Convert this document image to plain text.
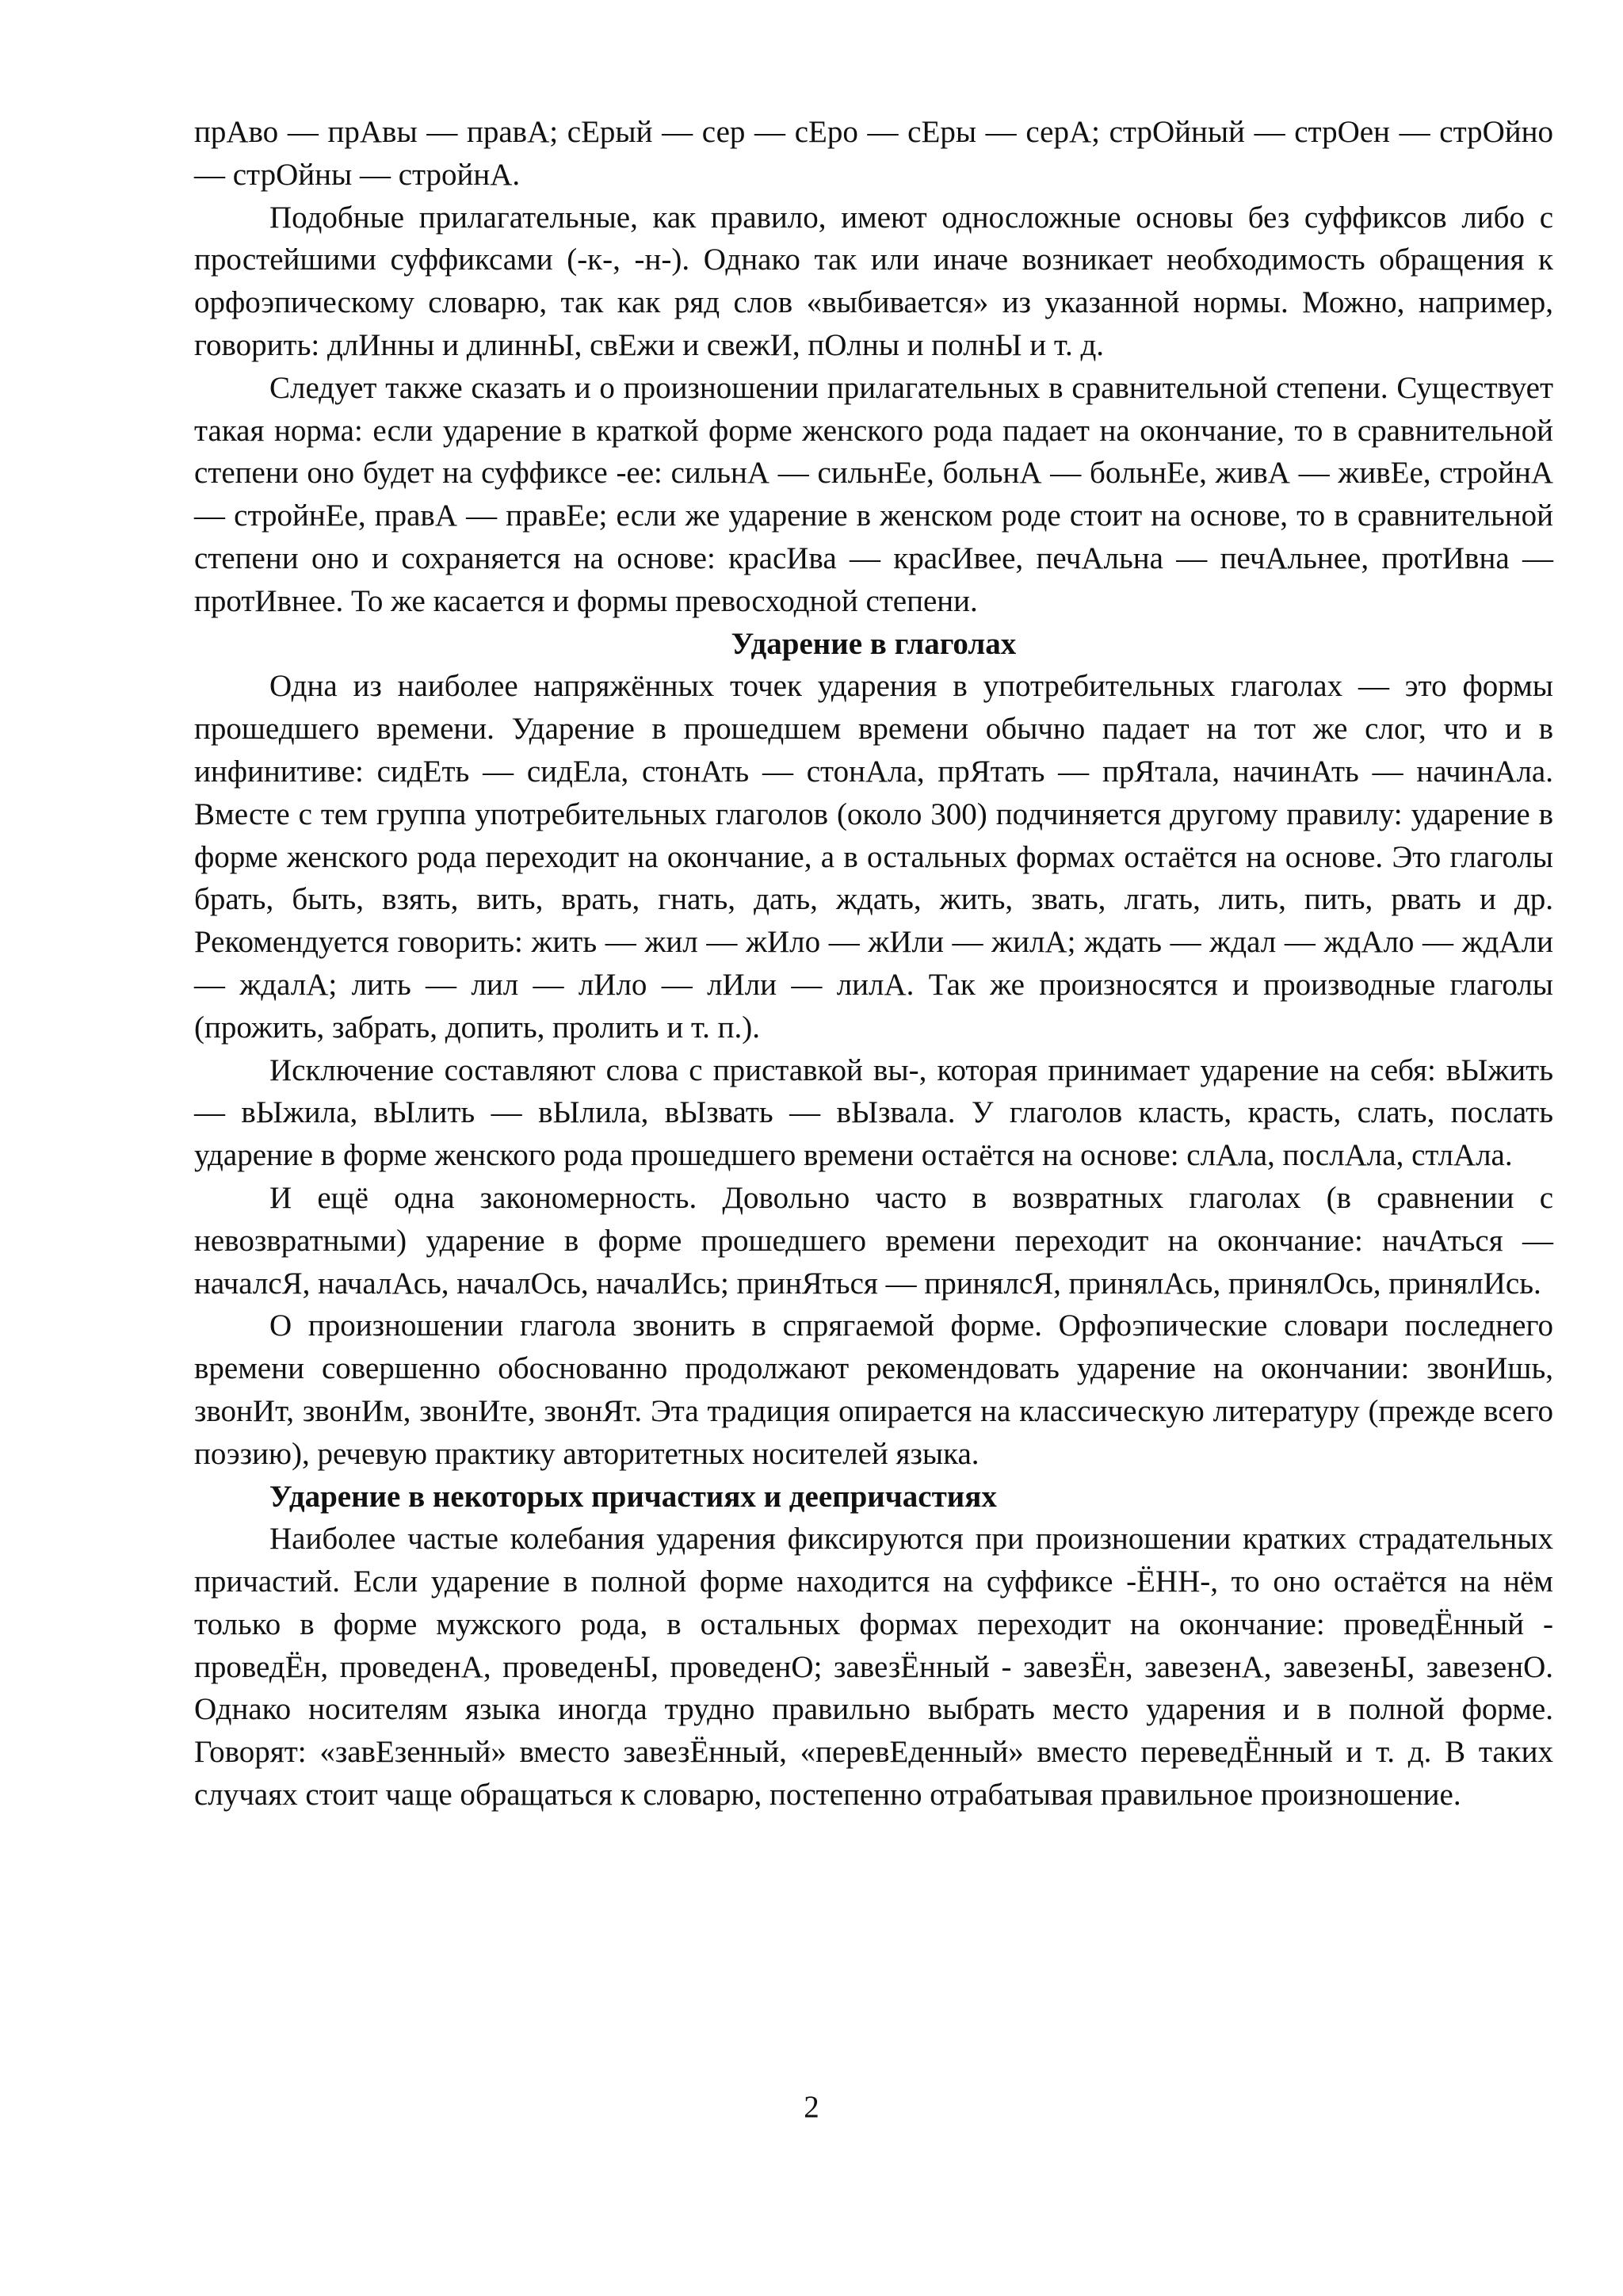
прАво — прАвы — правА; сЕрый — сер — сЕро — сЕры — серА; стрОйный — стрОен — стрОйно — стрОйны — стройнА.

Подобные прилагательные, как правило, имеют односложные основы без суффиксов либо с простейшими суффиксами (-к-, -н-). Однако так или иначе возникает необходимость обращения к орфоэпическому словарю, так как ряд слов «выбивается» из указанной нормы. Можно, например, говорить: длИнны и длиннЫ, свЕжи и свежИ, пОлны и полнЫ и т. д.

Следует также сказать и о произношении прилагательных в сравнительной степени. Существует такая норма: если ударение в краткой форме женского рода падает на окончание, то в сравнительной степени оно будет на суффиксе -ее: сильнА — сильнЕе, больнА — больнЕе, живА — живЕе, стройнА — стройнЕе, правА — правЕе; если же ударение в женском роде стоит на основе, то в сравнительной степени оно и сохраняется на основе: красИва — красИвее, печАльна — печАльнее, протИвна — протИвнее. То же касается и формы превосходной степени.

Ударение в глаголах

Одна из наиболее напряжённых точек ударения в употребительных глаголах — это формы прошедшего времени. Ударение в прошедшем времени обычно падает на тот же слог, что и в инфинитиве: сидЕть — сидЕла, стонАть — стонАла, прЯтать — прЯтала, начинАть — начинАла. Вместе с тем группа употребительных глаголов (около 300) подчиняется другому правилу: ударение в форме женского рода переходит на окончание, а в остальных формах остаётся на основе. Это глаголы брать, быть, взять, вить, врать, гнать, дать, ждать, жить, звать, лгать, лить, пить, рвать и др. Рекомендуется говорить: жить — жил — жИло — жИли — жилА; ждать — ждал — ждАло — ждАли — ждалА; лить — лил — лИло — лИли — лилА. Так же произносятся и производные глаголы (прожить, забрать, допить, пролить и т. п.).

Исключение составляют слова с приставкой вы-, которая принимает ударение на себя: вЫжить — вЫжила, вЫлить — вЫлила, вЫзвать — вЫзвала. У глаголов класть, красть, слать, послать ударение в форме женского рода прошедшего времени остаётся на основе: слАла, послАла, стлАла.

И ещё одна закономерность. Довольно часто в возвратных глаголах (в сравнении с невозвратными) ударение в форме прошедшего времени переходит на окончание: начАться — началсЯ, началАсь, началОсь, началИсь; принЯться — принялсЯ, принялАсь, принялОсь, принялИсь.

О произношении глагола звонить в спрягаемой форме. Орфоэпические словари последнего времени совершенно обоснованно продолжают рекомендовать ударение на окончании: звонИшь, звонИт, звонИм, звонИте, звонЯт. Эта традиция опирается на классическую литературу (прежде всего поэзию), речевую практику авторитетных носителей языка.

Ударение в некоторых причастиях и деепричастиях

Наиболее частые колебания ударения фиксируются при произношении кратких страдательных причастий. Если ударение в полной форме находится на суффиксе -ЁНН-, то оно остаётся на нём только в форме мужского рода, в остальных формах переходит на окончание: проведЁнный - проведЁн, проведенА, проведенЫ, проведенО; завезЁнный - завезЁн, завезенА, завезенЫ, завезенО. Однако носителям языка иногда трудно правильно выбрать место ударения и в полной форме. Говорят: «завЕзенный» вместо завезЁнный, «перевЕденный» вместо переведЁнный и т. д. В таких случаях стоит чаще обращаться к словарю, постепенно отрабатывая правильное произношение.

2
